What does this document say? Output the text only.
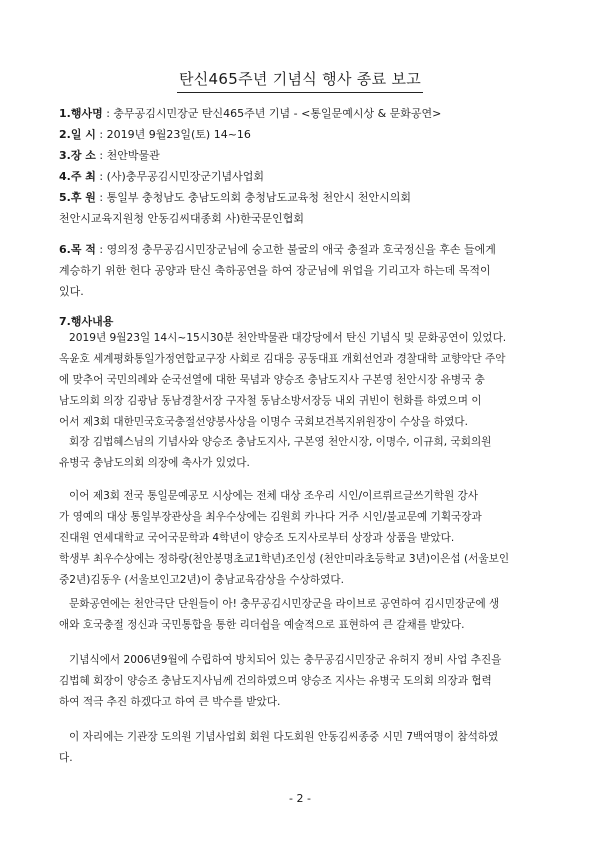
탄신465주년 기념식 행사 종료 보고
1.행사명 : 충무공김시민장군 탄신465주년 기념 - <통일문예시상 & 문화공연>
2.일 시 : 2019년 9월23일(토) 14~16
3.장 소 : 천안박물관
4.주 최 : (사)충무공김시민장군기념사업회
5.후 원 : 통일부 충청남도 충남도의회 충청남도교육청 천안시 천안시의회
천안시교육지원청 안동김씨대종회 사)한국문인협회
6.목 적 : 영의정 충무공김시민장군님에 숭고한 불굴의 애국 충절과 호국정신을 후손 들에게
계승하기 위한 헌다 공양과 탄신 축하공연을 하여 장군님에 위업을 기리고자 하는데 목적이
있다.
7.행사내용
2019년 9월23일 14시~15시30분 천안박물관 대강당에서 탄신 기념식 및 문화공연이 있었다.
옥윤호 세계평화통일가정연합교구장 사회로 김대응 공동대표 개회선언과 경찰대학 교향악단 주악
에 맞추어 국민의례와 순국선열에 대한 묵념과 양승조 충남도지사 구본영 천안시장 유병국 충
남도의회 의장 김광남 동남경찰서장 구자철 동남소방서장등 내외 귀빈이 헌화를 하였으며 이
어서 제3회 대한민국호국충절선양봉사상을 이명수 국회보건복지위원장이 수상을 하였다.
회장 김법혜스님의 기념사와 양승조 충남도지사, 구본영 천안시장, 이명수, 이규희, 국회의원
유병국 충남도의회 의장에 축사가 있었다.
이어 제3회 전국 통일문예공모 시상에는 전체 대상 조우리 시인/이르뤼르글쓰기학원 강사
가 영예의 대상 통일부장관상을 최우수상에는 김원희 카나다 거주 시인/불교문예 기획국장과
진대원 연세대학교 국어국문학과 4학년이 양승조 도지사로부터 상장과 상품을 받았다.
학생부 최우수상에는 정하랑(천안봉명초교1학년)조인성 (천안미라초등학교 3년)이은섭 (서울보인
중2년)김동우 (서울보인고2년)이 충남교육감상을 수상하였다.
문화공연에는 천안극단 단원들이 아! 충무공김시민장군을 라이브로 공연하여 김시민장군에 생
애와 호국충절 정신과 국민통합을 통한 리더쉽을 예술적으로 표현하여 큰 갈채를 받았다.
기념식에서 2006년9월에 수립하여 방치되어 있는 충무공김시민장군 유허지 정비 사업 추진을
김법혜 회장이 양승조 충남도지사님께 건의하였으며 양승조 지사는 유병국 도의회 의장과 협력
하여 적극 추진 하겠다고 하여 큰 박수를 받았다.
이 자리에는 기관장 도의원 기념사업회 회원 다도회원 안동김씨종중 시민 7백여명이 참석하였
다.
- 2 -
